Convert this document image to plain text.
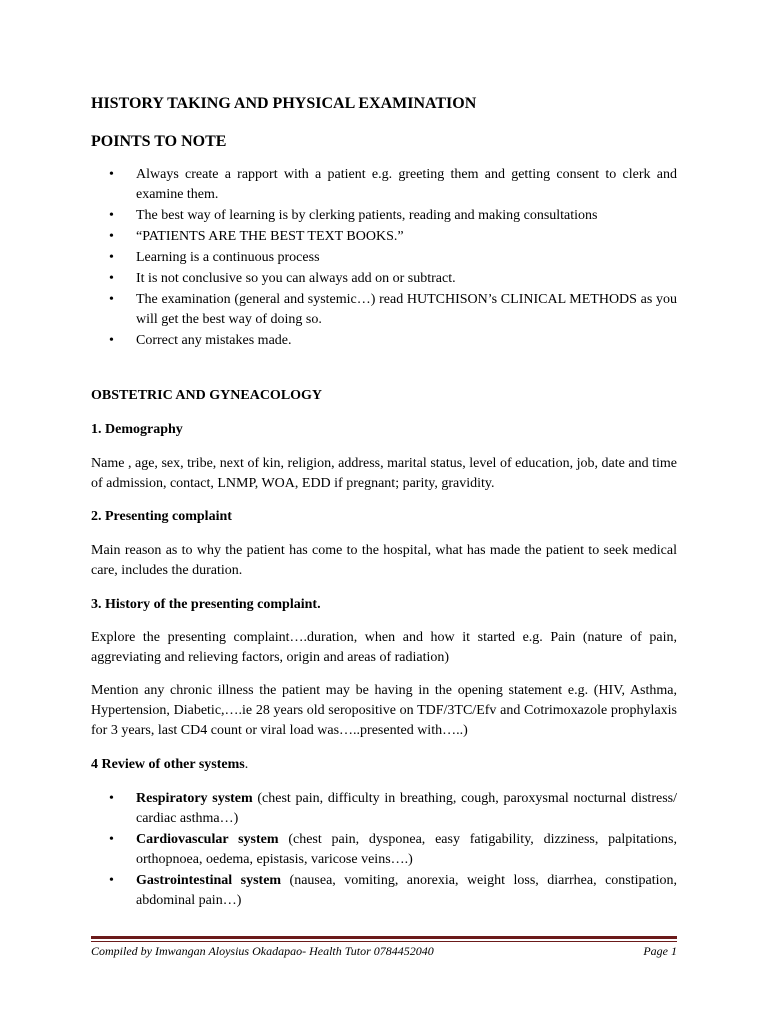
HISTORY TAKING AND PHYSICAL EXAMINATION
POINTS TO NOTE
• Always create a rapport with a patient e.g. greeting them and getting consent to clerk and examine them.
• The best way of learning is by clerking patients, reading and making consultations
• “PATIENTS ARE THE BEST TEXT BOOKS.”
• Learning is a continuous process
• It is not conclusive so you can always add on or subtract.
• The examination (general and systemic…) read HUTCHISON’s CLINICAL METHODS as you will get the best way of doing so.
• Correct any mistakes made.

OBSTETRIC AND GYNEACOLOGY

1. Demography

Name , age, sex, tribe, next of kin, religion, address, marital status, level of education, job, date and time of admission, contact, LNMP, WOA, EDD if pregnant; parity, gravidity.

2. Presenting complaint

Main reason as to why the patient has come to the hospital, what has made the patient to seek medical care, includes the duration.

3. History of the presenting complaint.

Explore the presenting complaint….duration, when and how it started e.g. Pain (nature of pain, aggreviating and relieving factors, origin and areas of radiation)

Mention any chronic illness the patient may be having in the opening statement e.g. (HIV, Asthma, Hypertension, Diabetic,….ie 28 years old seropositive on TDF/3TC/Efv and Cotrimoxazole prophylaxis for 3 years, last CD4 count or viral load was…..presented with…..)

4 Review of other systems.

• Respiratory system (chest pain, difficulty in breathing, cough, paroxysmal nocturnal distress/ cardiac asthma…)
• Cardiovascular system (chest pain, dysponea, easy fatigability, dizziness, palpitations, orthopnoea, oedema, epistasis, varicose veins….)
• Gastrointestinal system (nausea, vomiting, anorexia, weight loss, diarrhea, constipation, abdominal pain…)
Compiled by Imwangan Aloysius Okadapao- Health Tutor 0784452040	Page 1
